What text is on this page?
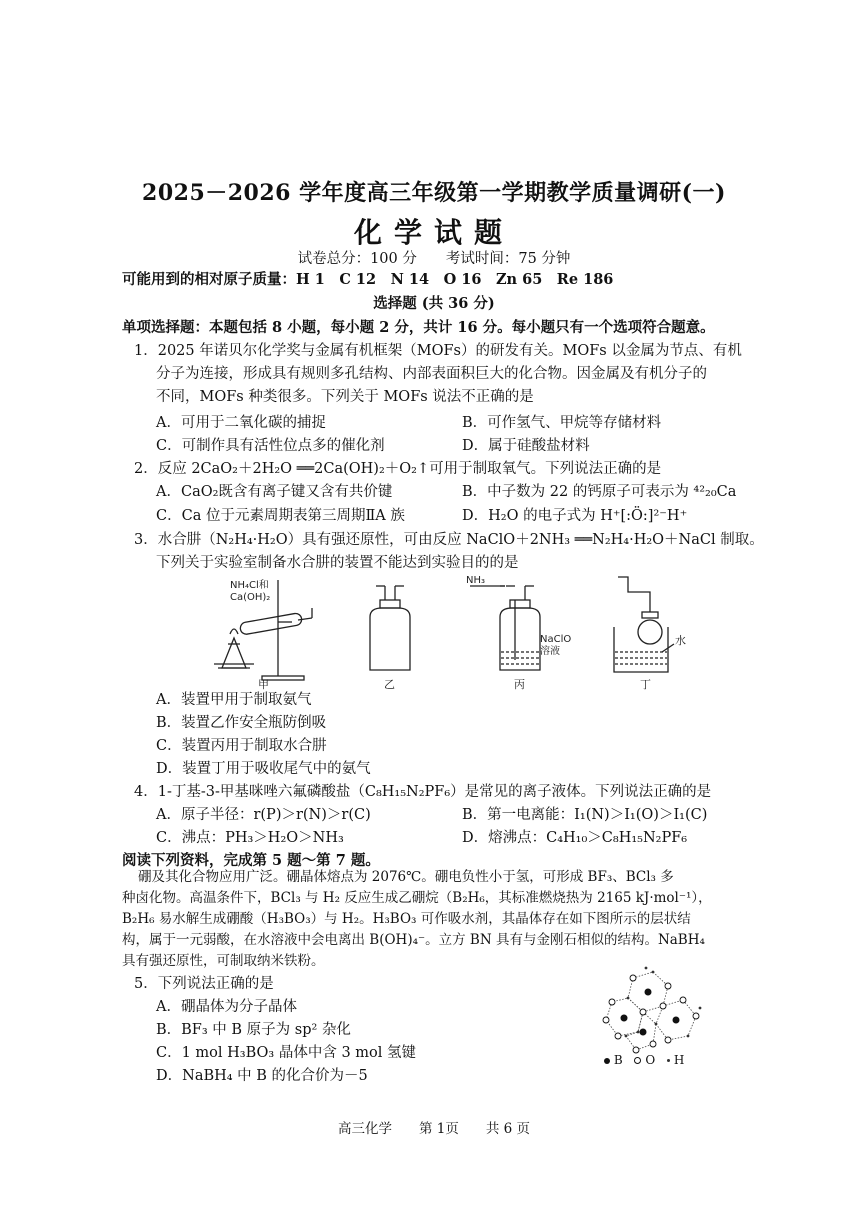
2025－2026 学年度高三年级第一学期教学质量调研(一)
化学试题
试卷总分：100 分　　考试时间：75 分钟
可能用到的相对原子质量：H 1　C 12　N 14　O 16　Zn 65　Re 186
选择题 (共 36 分)
单项选择题：本题包括 8 小题，每小题 2 分，共计 16 分。每小题只有一个选项符合题意。
1．2025 年诺贝尔化学奖与金属有机框架（MOFs）的研发有关。MOFs 以金属为节点、有机
分子为连接，形成具有规则多孔结构、内部表面积巨大的化合物。因金属及有机分子的
不同，MOFs 种类很多。下列关于 MOFs 说法不正确的是
A．可用于二氧化碳的捕捉	B．可作氢气、甲烷等存储材料
C．可制作具有活性位点多的催化剂	D．属于硅酸盐材料
2．反应 2CaO₂＋2H₂O ══2Ca(OH)₂＋O₂↑可用于制取氧气。下列说法正确的是
A．CaO₂既含有离子键又含有共价键	B．中子数为 22 的钙原子可表示为 ⁴²₂₀Ca
C．Ca 位于元素周期表第三周期ⅡA 族	D．H₂O 的电子式为 H⁺[:Ö:]²⁻H⁺
3．水合肼（N₂H₄·H₂O）具有强还原性，可由反应 NaClO＋2NH₃ ══N₂H₄·H₂O＋NaCl 制取。
下列关于实验室制备水合肼的装置不能达到实验目的的是
NH₄Cl和
Ca(OH)₂
NH₃
NaClO
溶液
水
甲	乙	丙	丁
A．装置甲用于制取氨气
B．装置乙作安全瓶防倒吸
C．装置丙用于制取水合肼
D．装置丁用于吸收尾气中的氨气
4．1-丁基-3-甲基咪唑六氟磷酸盐（C₈H₁₅N₂PF₆）是常见的离子液体。下列说法正确的是
A．原子半径：r(P)＞r(N)＞r(C)	B．第一电离能：I₁(N)＞I₁(O)＞I₁(C)
C．沸点：PH₃＞H₂O＞NH₃	D．熔沸点：C₄H₁₀＞C₈H₁₅N₂PF₆
阅读下列资料，完成第 5 题～第 7 题。
硼及其化合物应用广泛。硼晶体熔点为 2076℃。硼电负性小于氢，可形成 BF₃、BCl₃ 多
种卤化物。高温条件下，BCl₃ 与 H₂ 反应生成乙硼烷（B₂H₆，其标准燃烧热为 2165 kJ·mol⁻¹），
B₂H₆ 易水解生成硼酸（H₃BO₃）与 H₂。H₃BO₃ 可作吸水剂，其晶体存在如下图所示的层状结
构，属于一元弱酸，在水溶液中会电离出 B(OH)₄⁻。立方 BN 具有与金刚石相似的结构。NaBH₄
具有强还原性，可制取纳米铁粉。
5．下列说法正确的是
A．硼晶体为分子晶体
B．BF₃ 中 B 原子为 sp² 杂化
C．1 mol H₃BO₃ 晶体中含 3 mol 氢键
D．NaBH₄ 中 B 的化合价为－5
B O H
高三化学　　第 1页　　共 6 页
